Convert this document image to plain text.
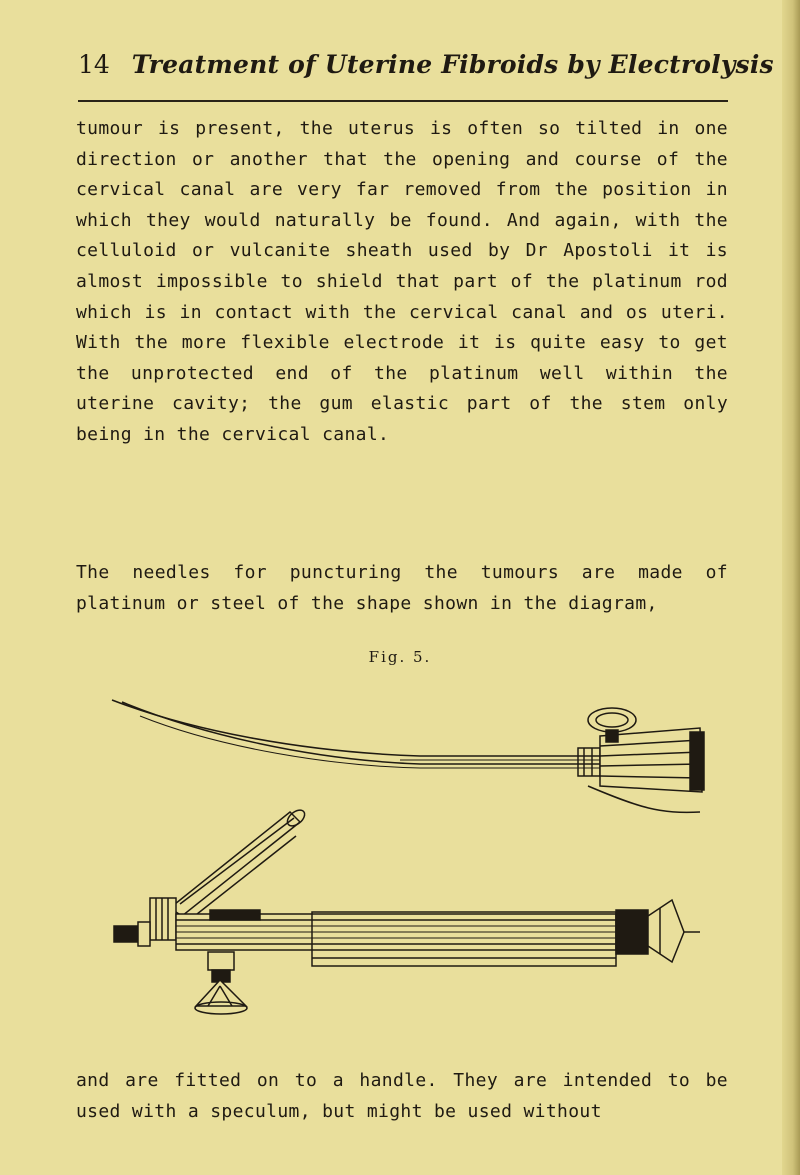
14 Treatment of Uterine Fibroids by Electrolysis

tumour is present, the uterus is often so tilted in one direction or another that the opening and course of the cervical canal are very far removed from the position in which they would naturally be found. And again, with the celluloid or vulcanite sheath used by Dr Apostoli it is almost impossible to shield that part of the platinum rod which is in contact with the cervical canal and os uteri. With the more flexible electrode it is quite easy to get the unprotected end of the platinum well within the uterine cavity; the gum elastic part of the stem only being in the cervical canal.

The needles for puncturing the tumours are made of platinum or steel of the shape shown in the diagram,

Fig. 5.

and are fitted on to a handle. They are intended to be used with a speculum, but might be used without
